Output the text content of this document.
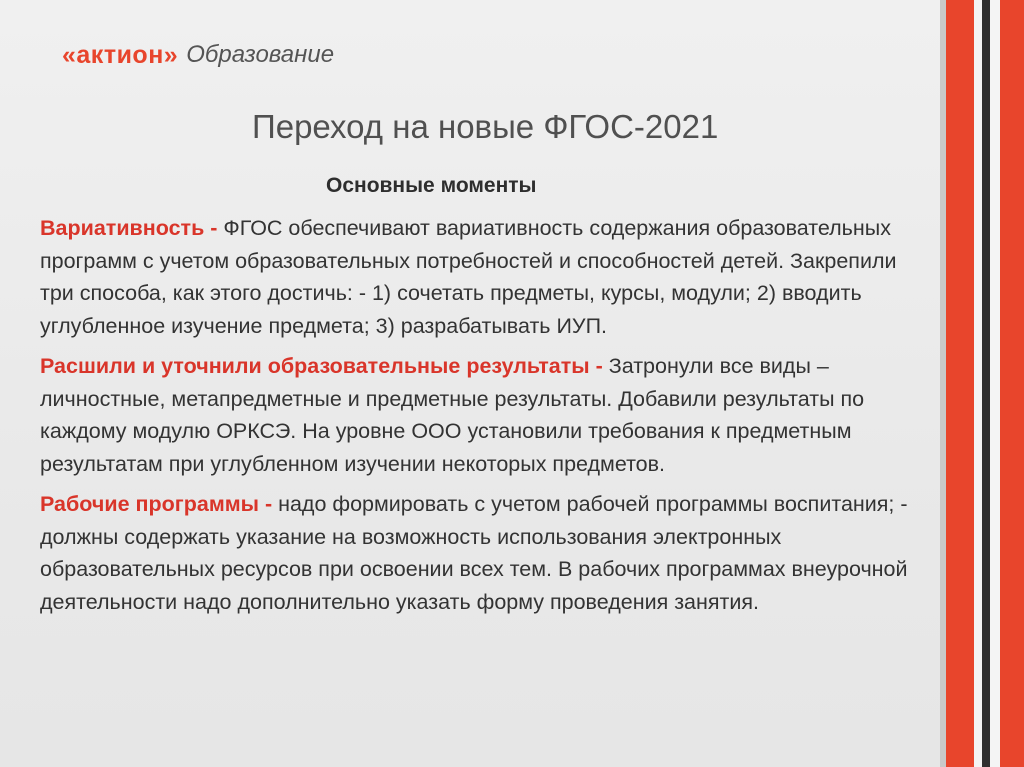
«актион» Образование
Переход на новые ФГОС-2021
Основные моменты

Вариативность - ФГОС обеспечивают вариативность содержания образовательных программ с учетом образовательных потребностей и способностей детей. Закрепили три способа, как этого достичь: - 1) сочетать предметы, курсы, модули; 2) вводить углубленное изучение предмета; 3) разрабатывать ИУП.

Расшили и уточнили образовательные результаты - Затронули все виды – личностные, метапредметные и предметные результаты. Добавили результаты по каждому модулю ОРКСЭ. На уровне ООО установили требования к предметным результатам при углубленном изучении некоторых предметов.

Рабочие программы - надо формировать с учетом рабочей программы воспитания; - должны содержать указание на возможность использования электронных образовательных ресурсов при освоении всех тем. В рабочих программах внеурочной деятельности надо дополнительно указать форму проведения занятия.
